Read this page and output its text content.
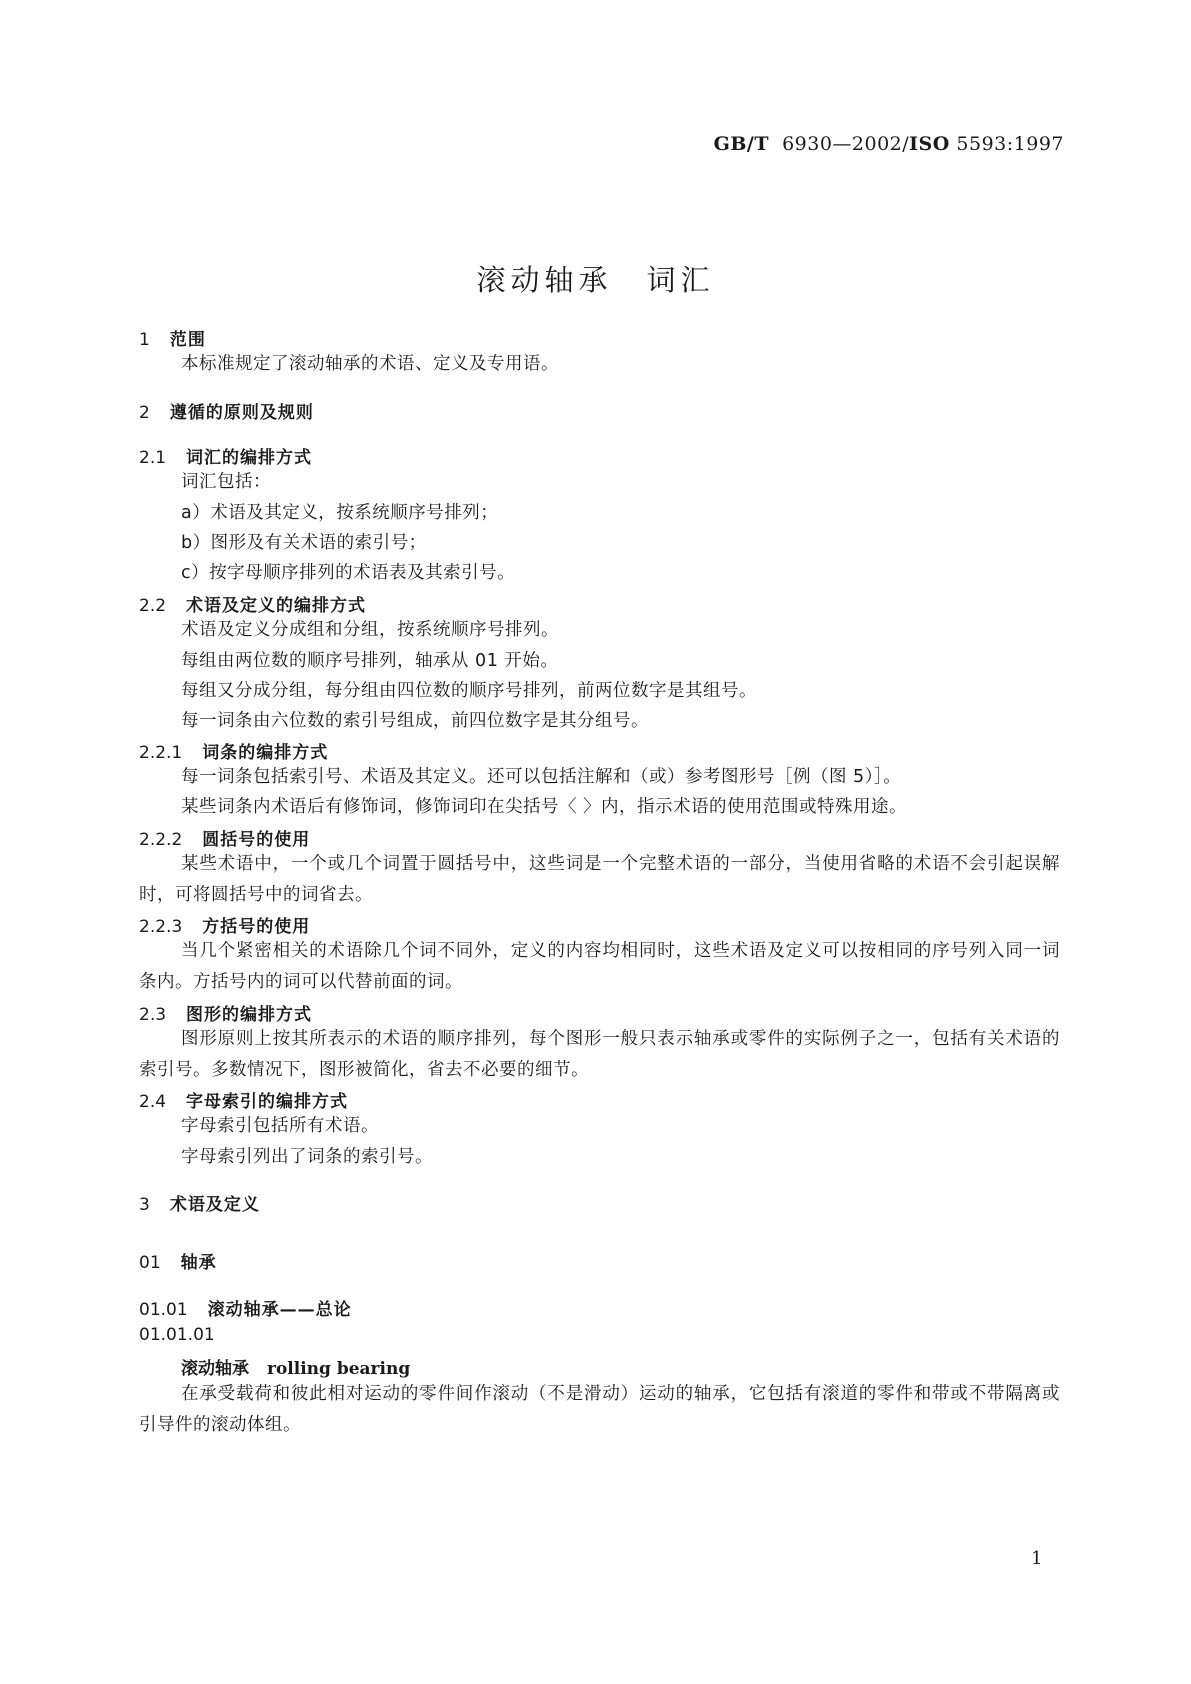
GB/T 6930—2002/ISO 5593:1997
滚动轴承　词汇
1 范围
本标准规定了滚动轴承的术语、定义及专用语。
2 遵循的原则及规则
2.1 词汇的编排方式
词汇包括：
a）术语及其定义，按系统顺序号排列；
b）图形及有关术语的索引号；
c）按字母顺序排列的术语表及其索引号。
2.2 术语及定义的编排方式
术语及定义分成组和分组，按系统顺序号排列。
每组由两位数的顺序号排列，轴承从 01 开始。
每组又分成分组，每分组由四位数的顺序号排列，前两位数字是其组号。
每一词条由六位数的索引号组成，前四位数字是其分组号。
2.2.1 词条的编排方式
每一词条包括索引号、术语及其定义。还可以包括注解和（或）参考图形号［例（图 5）］。
某些词条内术语后有修饰词，修饰词印在尖括号〈 〉内，指示术语的使用范围或特殊用途。
2.2.2 圆括号的使用
某些术语中，一个或几个词置于圆括号中，这些词是一个完整术语的一部分，当使用省略的术语不会引起误解时，可将圆括号中的词省去。
2.2.3 方括号的使用
当几个紧密相关的术语除几个词不同外，定义的内容均相同时，这些术语及定义可以按相同的序号列入同一词条内。方括号内的词可以代替前面的词。
2.3 图形的编排方式
图形原则上按其所表示的术语的顺序排列，每个图形一般只表示轴承或零件的实际例子之一，包括有关术语的索引号。多数情况下，图形被简化，省去不必要的细节。
2.4 字母索引的编排方式
字母索引包括所有术语。
字母索引列出了词条的索引号。
3 术语及定义
01 轴承
01.01 滚动轴承——总论
01.01.01
滚动轴承 rolling bearing
在承受载荷和彼此相对运动的零件间作滚动（不是滑动）运动的轴承，它包括有滚道的零件和带或不带隔离或引导件的滚动体组。
1
